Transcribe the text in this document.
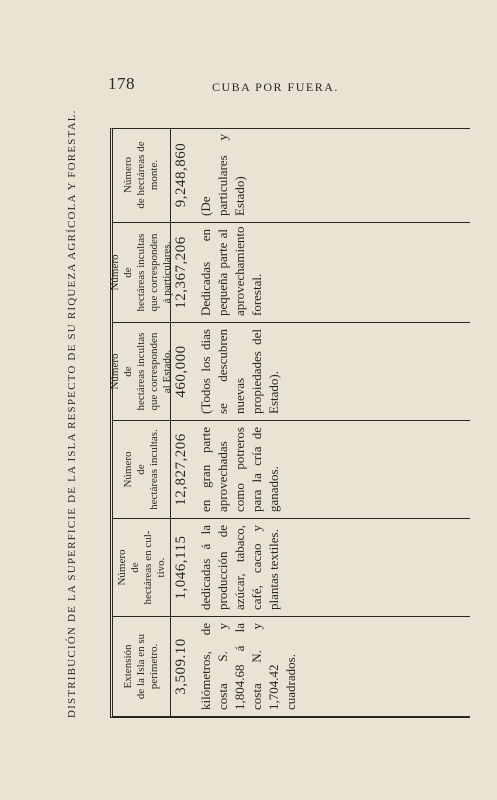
178	CUBA POR FUERA.
DISTRIBUCIÓN DE LA SUPERFICIE DE LA ISLA RESPECTO DE SU RIQUEZA AGRÍCOLA Y FORESTAL.	Extensión de la Isla en su perímetro. 3,509.10 kilómetros, de costa S. y 1,804.68 á la costa N. y 1,704.42 cuadrados.
Número de hectáreas en cul- tivo. 1,046,115 dedicadas á la producción de azúcar, tabaco, café, cacao y plantas textiles.
Número de hectáreas incultas. 12,827,206 en gran parte aprovechadas como potreros para la cría de ganados.
Número de hectáreas incultas que corresponden al Estado. 460,000 (Todos los dias se descubren nuevas propiedades del Estado).
Número de hectáreas incultas que corresponden á particulares. 12,367,206 Dedicadas en pequeña parte al aprovechamiento forestal.
Número de hectáreas de monte. 9,248,860 (De particulares y Estado)
